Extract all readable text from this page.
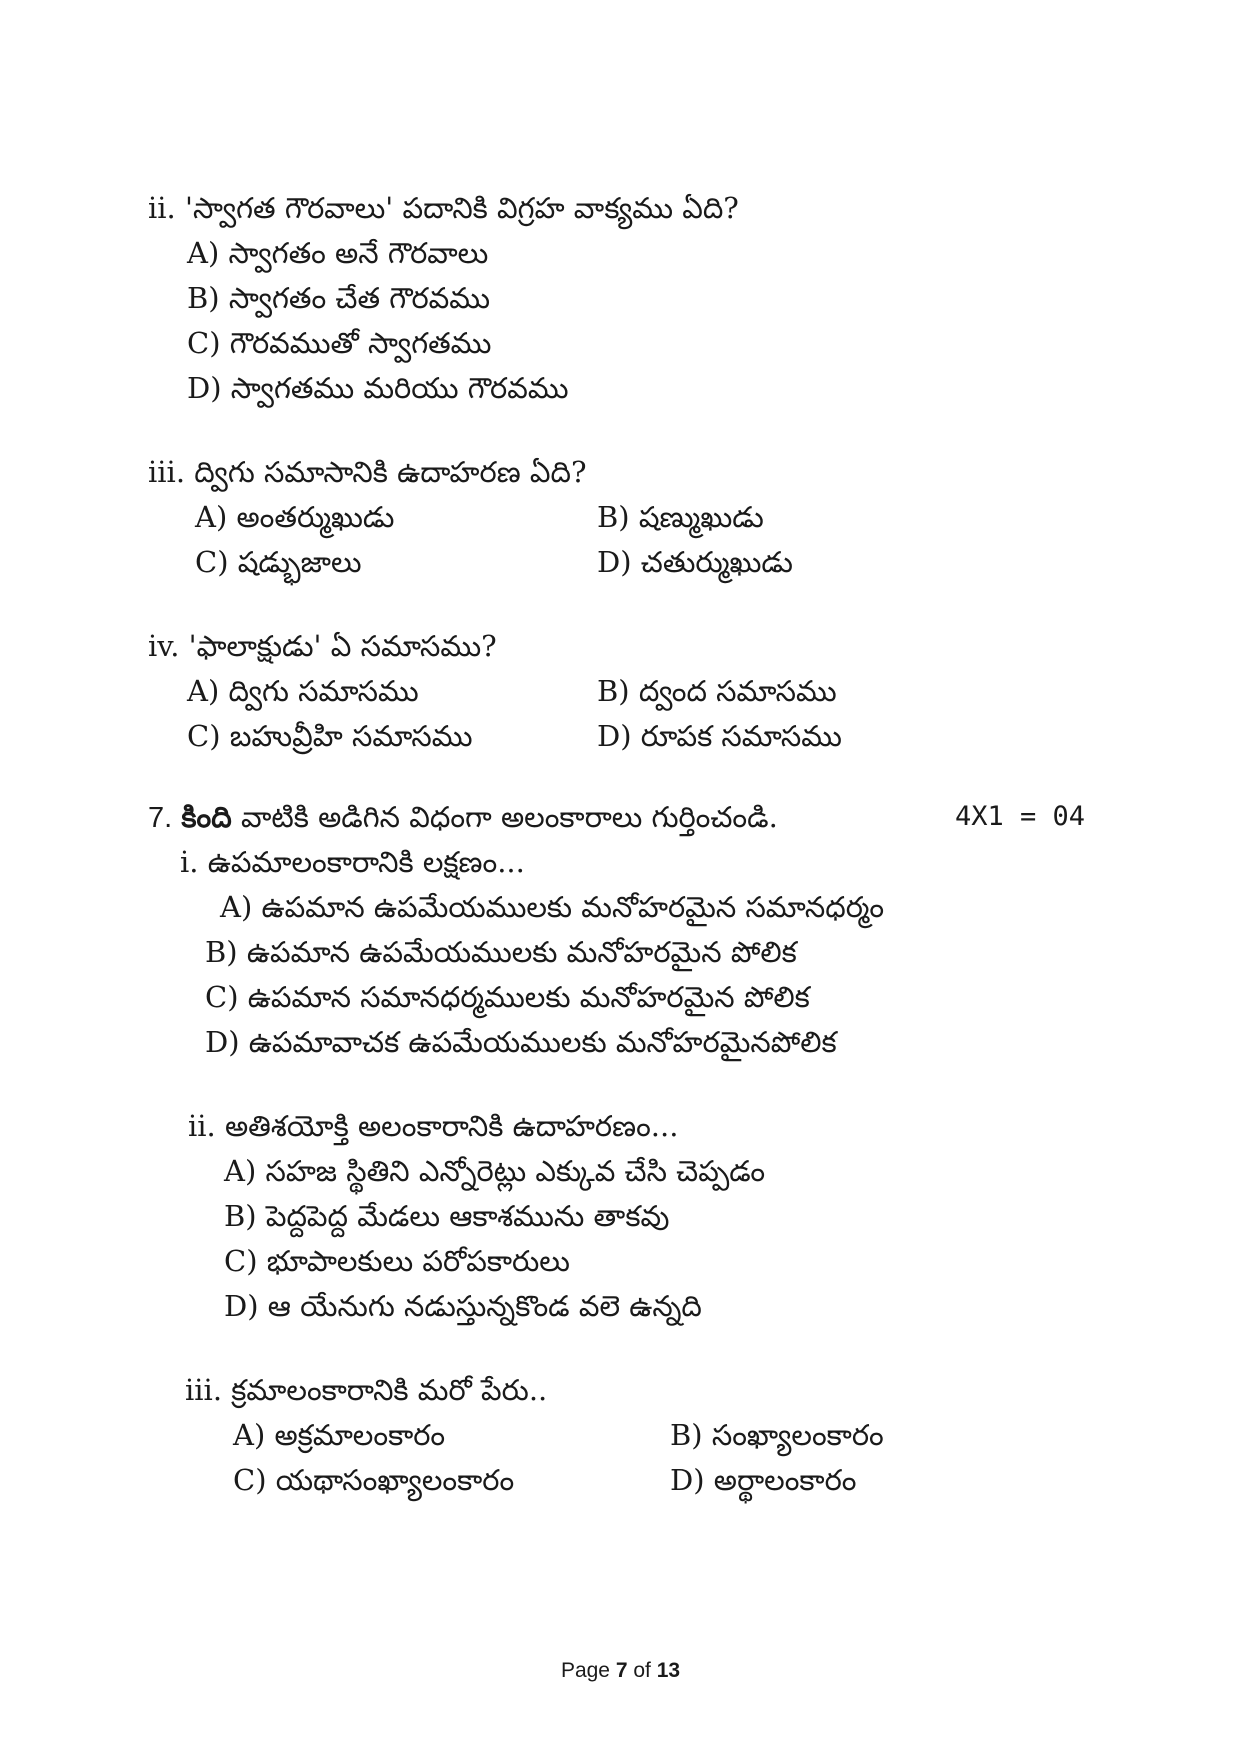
ii. 'స్వాగత గౌరవాలు' పదానికి విగ్రహ వాక్యము ఏది?
A) స్వాగతం అనే గౌరవాలు
B) స్వాగతం చేత గౌరవము
C) గౌరవముతో స్వాగతము
D) స్వాగతము మరియు గౌరవము
iii. ద్విగు సమాసానికి ఉదాహరణ ఏది?
A) అంతర్ముఖుడు	B) షణ్ముఖుడు
C) షడ్భుజాలు	D) చతుర్ముఖుడు
iv. 'ఫాలాక్షుడు' ఏ సమాసము?
A) ద్విగు సమాసము	B) ద్వంద సమాసము
C) బహువ్రీహి సమాసము	D) రూపక సమాసము
7. కింది వాటికి అడిగిన విధంగా అలంకారాలు గుర్తించండి.	4X1 = 04
i. ఉపమాలంకారానికి లక్షణం...
A) ఉపమాన ఉపమేయములకు మనోహరమైన సమానధర్మం
B) ఉపమాన ఉపమేయములకు మనోహరమైన పోలిక
C) ఉపమాన సమానధర్మములకు మనోహరమైన పోలిక
D) ఉపమావాచక ఉపమేయములకు మనోహరమైనపోలిక
ii. అతిశయోక్తి అలంకారానికి ఉదాహరణం...
A) సహజ స్థితిని ఎన్నోరెట్లు ఎక్కువ చేసి చెప్పడం
B) పెద్దపెద్ద మేడలు ఆకాశమును తాకవు
C) భూపాలకులు పరోపకారులు
D) ఆ యేనుగు నడుస్తున్నకొండ వలె ఉన్నది
iii. క్రమాలంకారానికి మరో పేరు..
A) అక్రమాలంకారం	B) సంఖ్యాలంకారం
C) యథాసంఖ్యాలంకారం	D) అర్థాలంకారం
Page 7 of 13
